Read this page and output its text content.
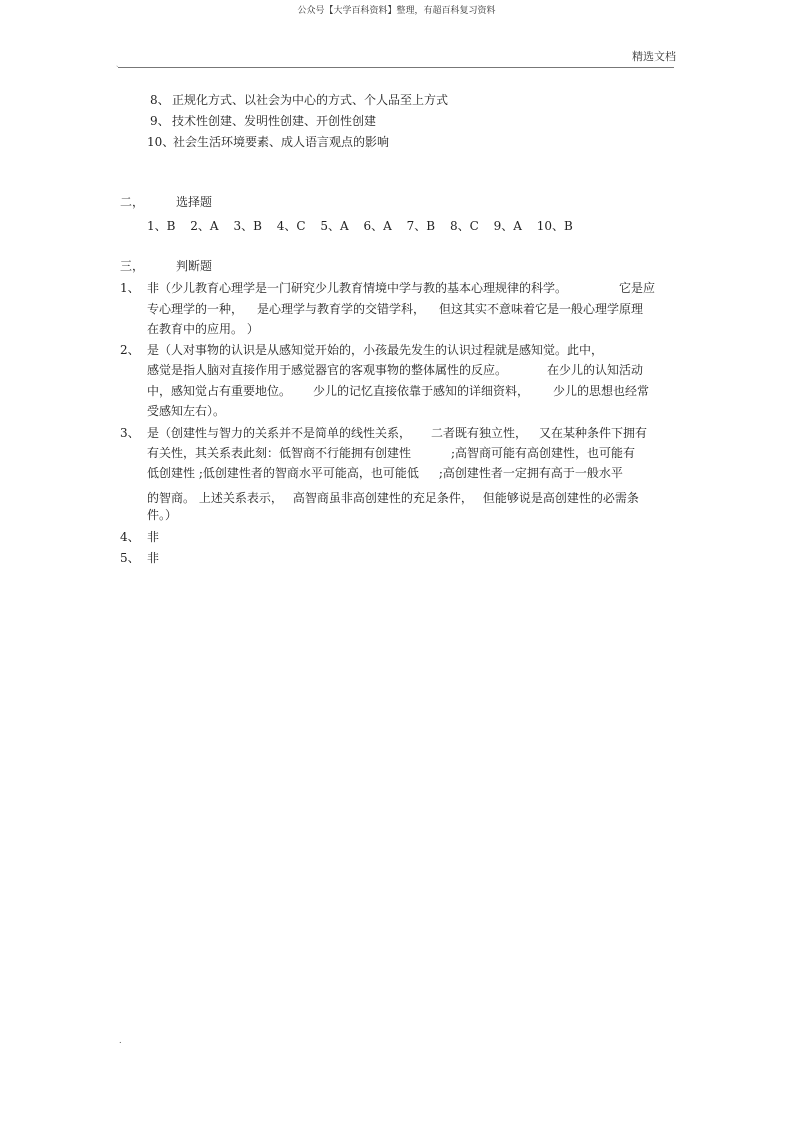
公众号【大学百科资料】整理，有超百科复习资料
精选文档
`
8、 正规化方式、以社会为中心的方式、个人品至上方式
9、 技术性创建、发明性创建、开创性创建
10、社会生活环境要素、成人语言观点的影响
二，	选择题
1、B 2、A 3、B 4、C 5、A 6、A 7、B 8、C 9、A 10、B
三，	判断题
1、 非（少儿教育心理学是一门研究少儿教育情境中学与教的基本心理规律的科学。	它是应
专心理学的一种， 是心理学与教育学的交错学科， 但这其实不意味着它是一般心理学原理
在教育中的应用。 ）
2、 是（人对事物的认识是从感知觉开始的，小孩最先发生的认识过程就是感知觉。此中，
感觉是指人脑对直接作用于感觉器官的客观事物的整体属性的反应。	在少儿的认知活动
中，感知觉占有重要地位。 少儿的记忆直接依靠于感知的详细资料， 少儿的思想也经常
受感知左右）。
3、 是（创建性与智力的关系并不是简单的线性关系， 二者既有独立性， 又在某种条件下拥有
有关性，其关系表此刻：低智商不行能拥有创建性	;高智商可能有高创建性，也可能有
低创建性 ;低创建性者的智商水平可能高，也可能低 ;高创建性者一定拥有高于一般水平
的智商。 上述关系表示， 高智商虽非高创建性的充足条件， 但能够说是高创建性的必需条
件。）
4、 非
5、 非
.
